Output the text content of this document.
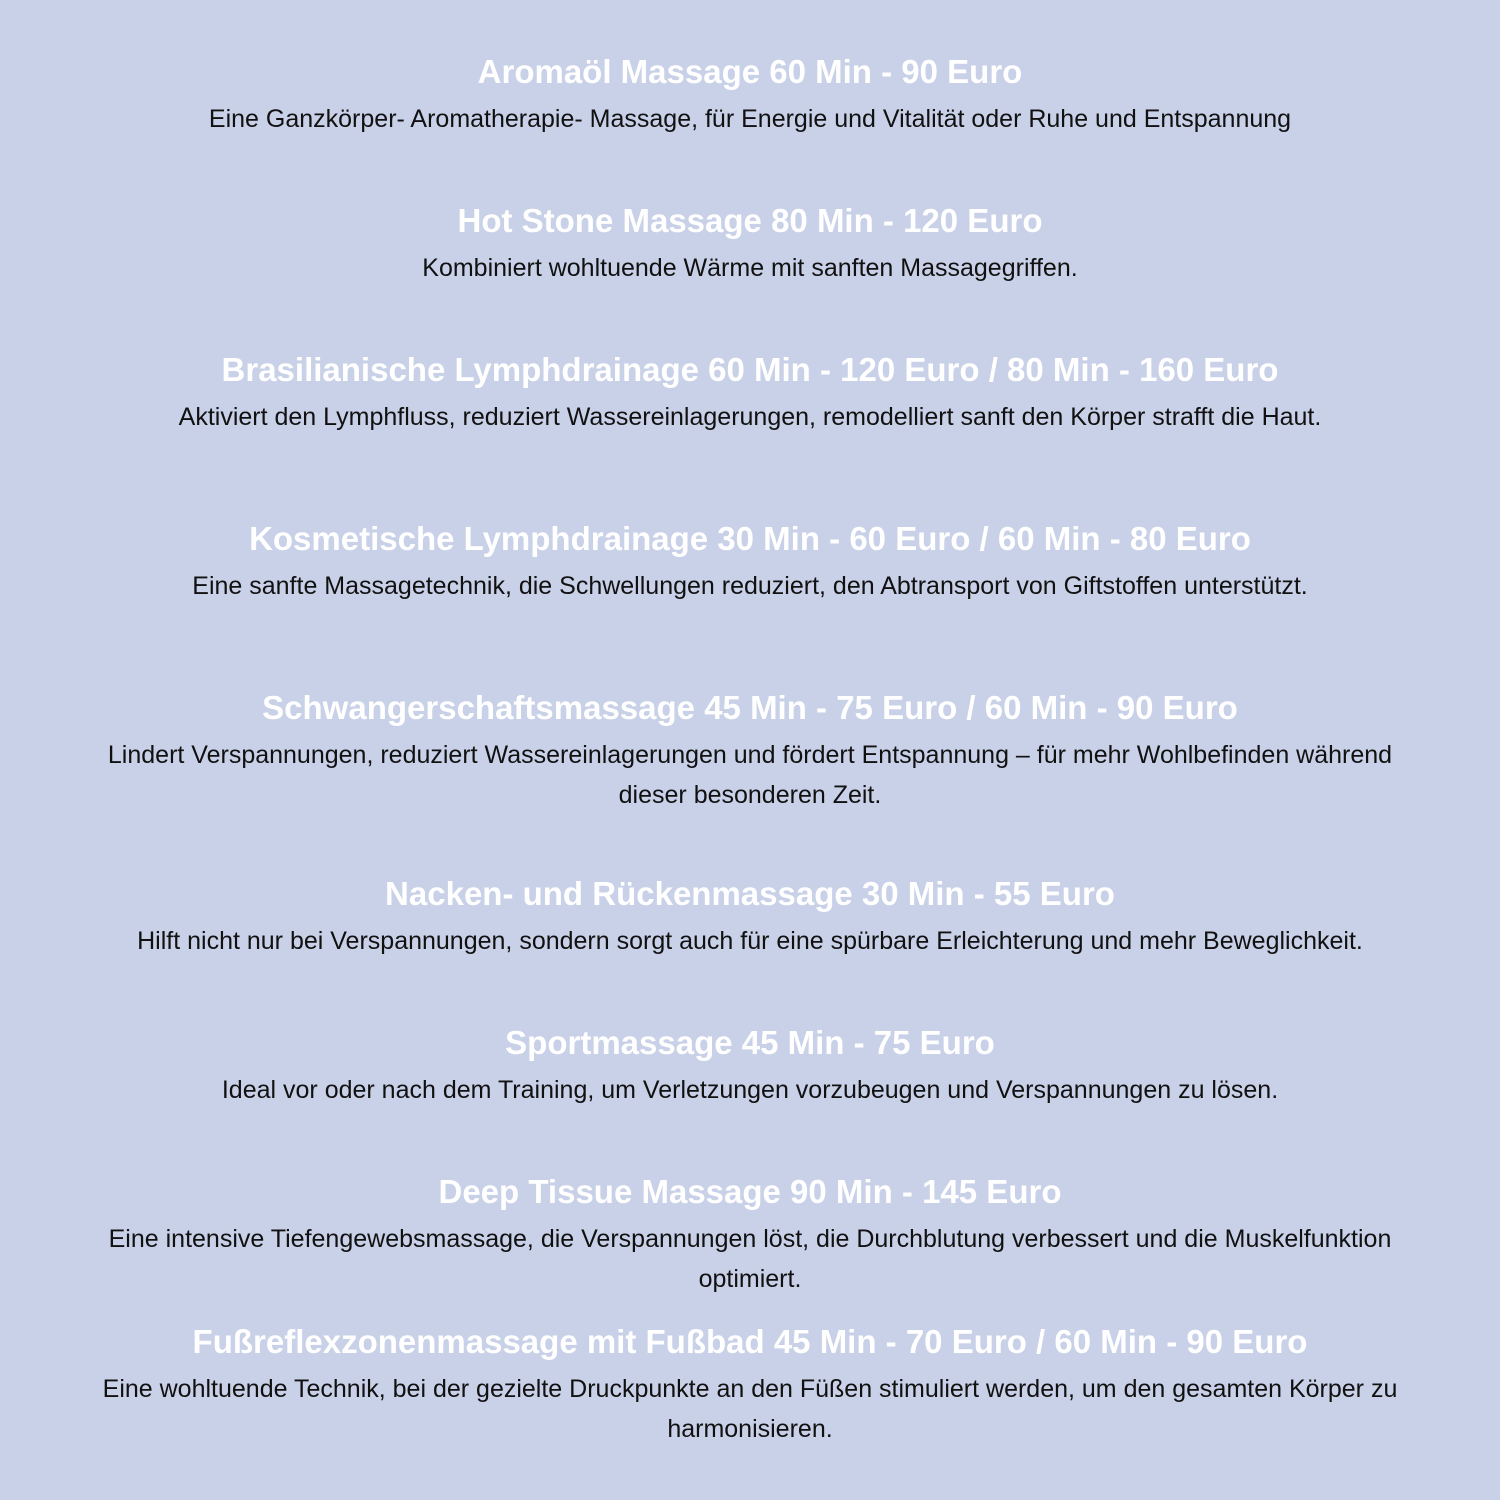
Aromaöl Massage 60 Min - 90 Euro

Eine Ganzkörper- Aromatherapie- Massage, für Energie und Vitalität oder Ruhe und Entspannung

Hot Stone Massage 80 Min - 120 Euro

Kombiniert wohltuende Wärme mit sanften Massagegriffen.

Brasilianische Lymphdrainage 60 Min - 120 Euro / 80 Min - 160 Euro

Aktiviert den Lymphfluss, reduziert Wassereinlagerungen, remodelliert sanft den Körper strafft die Haut.

Kosmetische Lymphdrainage 30 Min - 60 Euro / 60 Min - 80 Euro

Eine sanfte Massagetechnik, die Schwellungen reduziert, den Abtransport von Giftstoffen unterstützt.

Schwangerschaftsmassage 45 Min - 75 Euro / 60 Min - 90 Euro

Lindert Verspannungen, reduziert Wassereinlagerungen und fördert Entspannung – für mehr Wohlbefinden während dieser besonderen Zeit.

Nacken- und Rückenmassage 30 Min - 55 Euro

Hilft nicht nur bei Verspannungen, sondern sorgt auch für eine spürbare Erleichterung und mehr Beweglichkeit.

Sportmassage 45 Min - 75 Euro

Ideal vor oder nach dem Training, um Verletzungen vorzubeugen und Verspannungen zu lösen.

Deep Tissue Massage 90 Min - 145 Euro

Eine intensive Tiefengewebsmassage, die Verspannungen löst, die Durchblutung verbessert und die Muskelfunktion optimiert.

Fußreflexzonenmassage mit Fußbad 45 Min - 70 Euro / 60 Min - 90 Euro

Eine wohltuende Technik, bei der gezielte Druckpunkte an den Füßen stimuliert werden, um den gesamten Körper zu harmonisieren.
